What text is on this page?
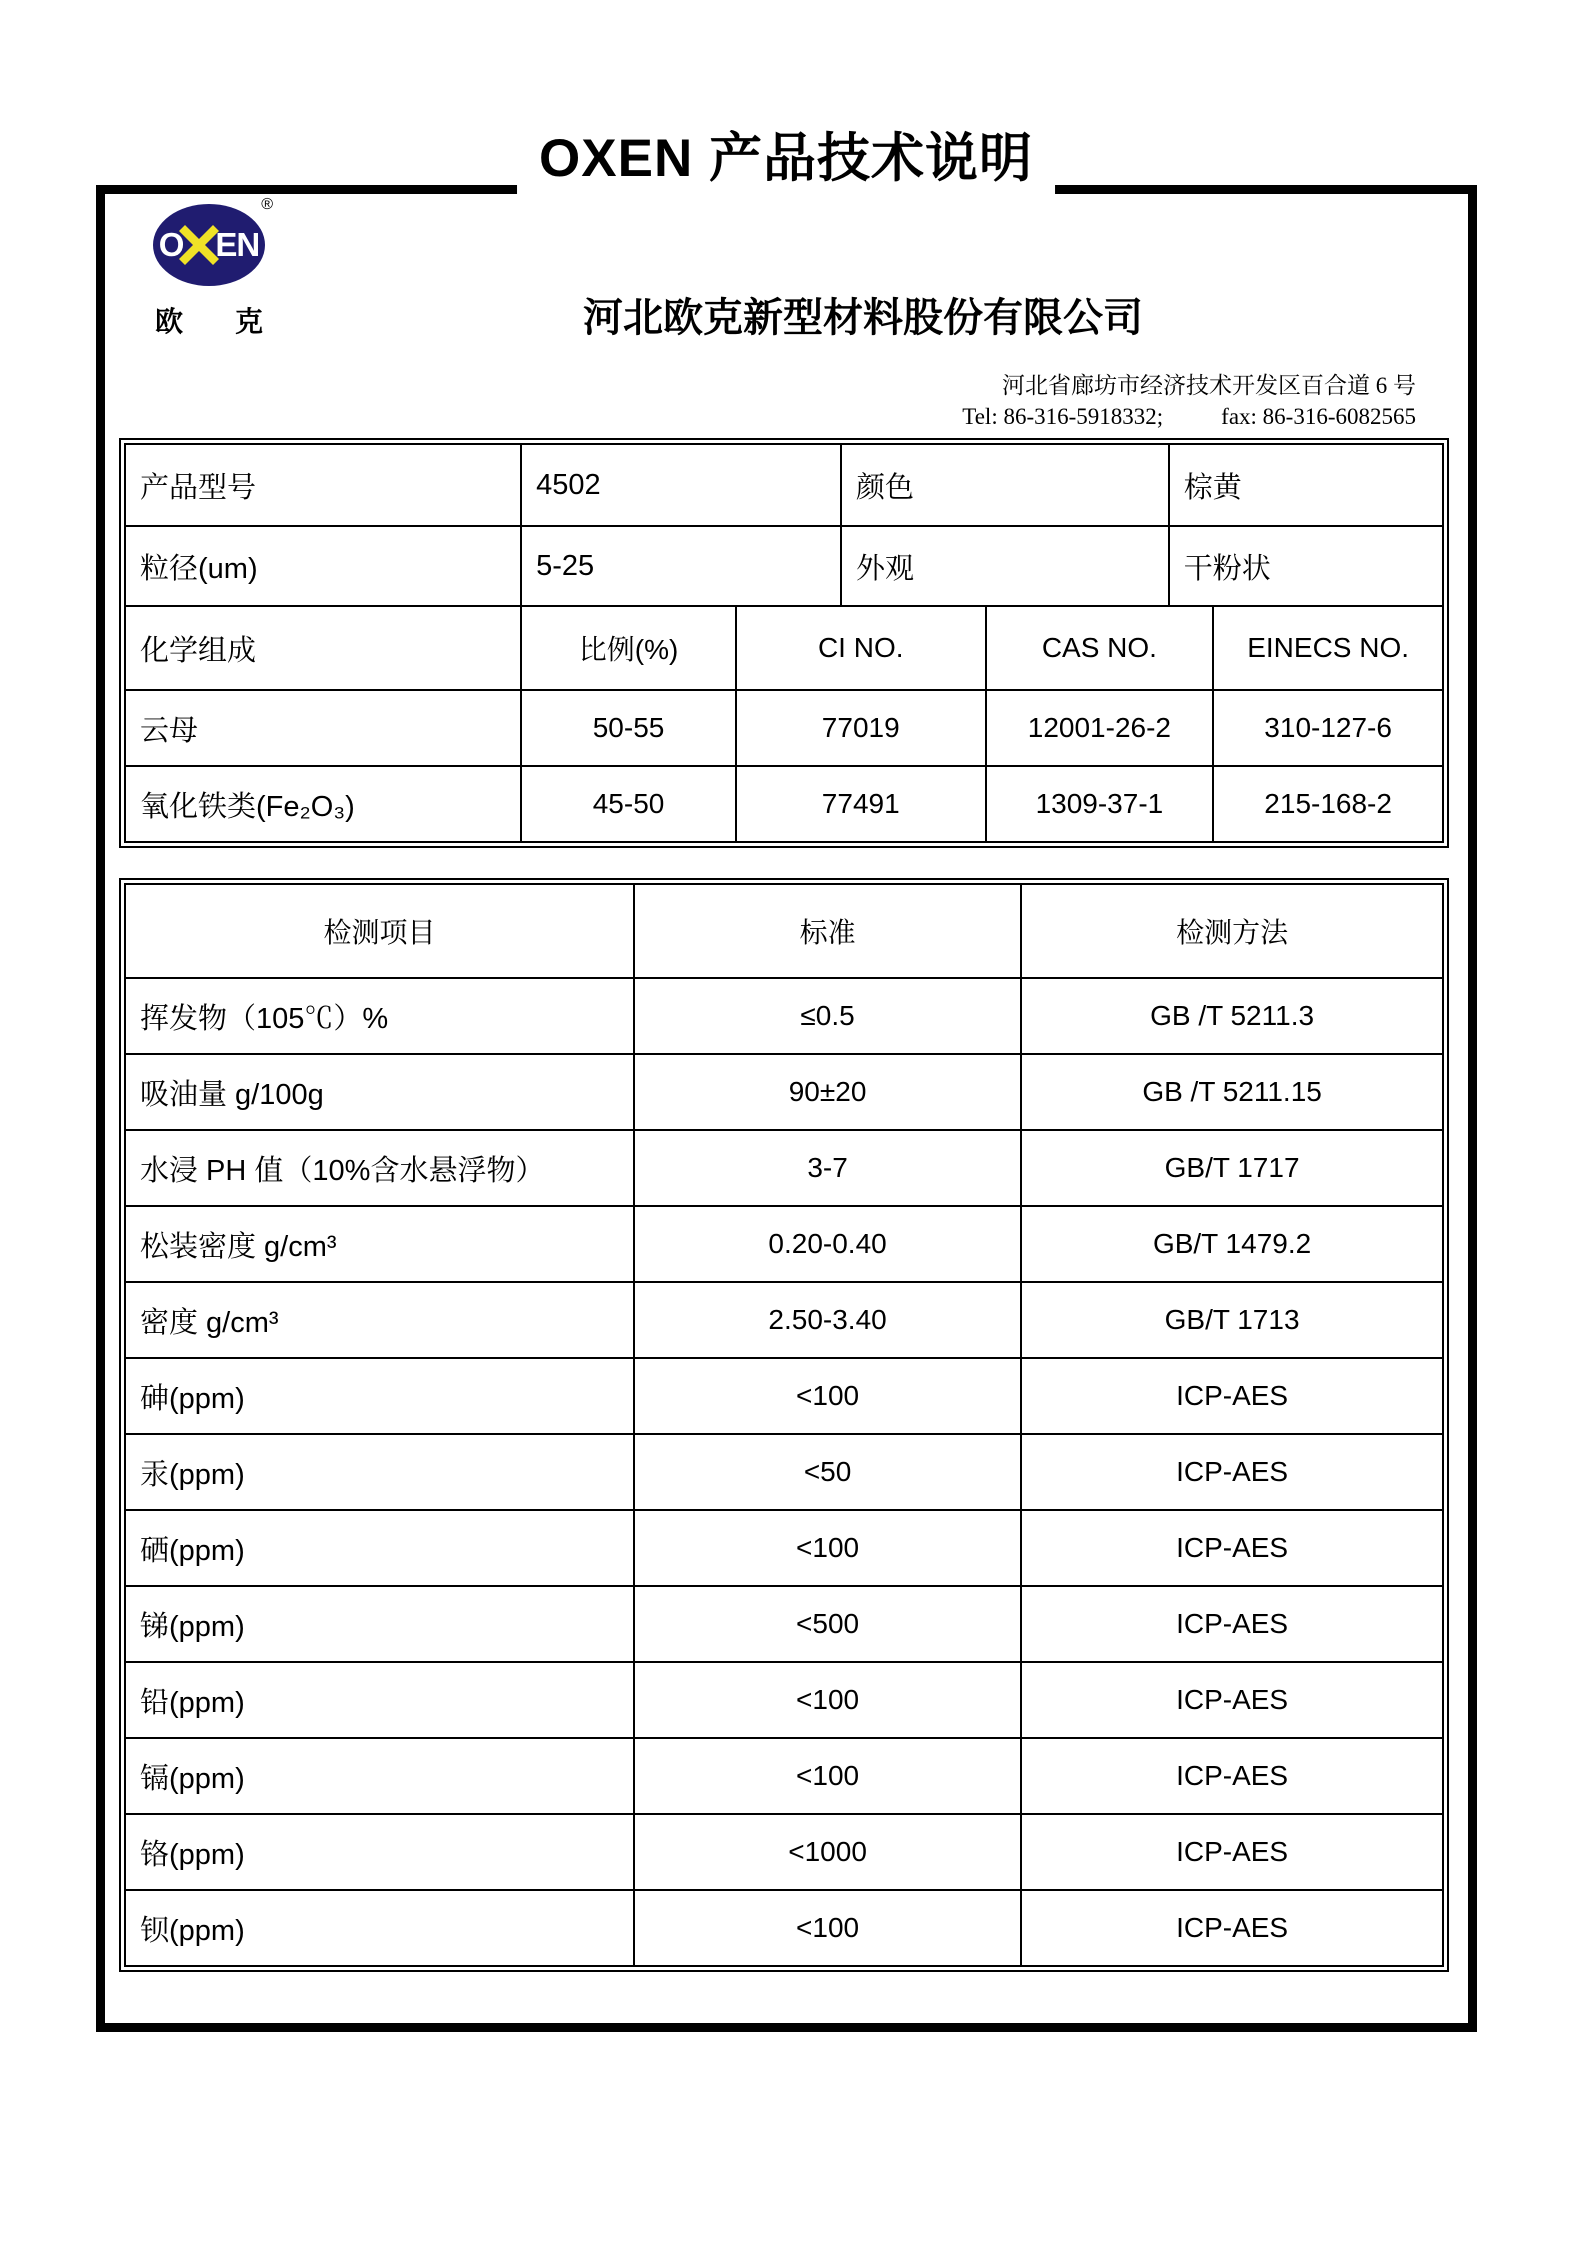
OXEN 产品技术说明
O EN
®
欧 克	河北欧克新型材料股份有限公司
河北省廊坊市经济技术开发区百合道 6 号
Tel: 86-316-5918332;	fax: 86-316-6082565
产品型号	4502	颜色	棕黄
粒径(um)	5-25	外观	干粉状
化学组成	比例(%)	CI NO.	CAS NO.	EINECS NO.
云母	50-55	77019	12001-26-2	310-127-6
氧化铁类(Fe₂O₃)	45-50	77491	1309-37-1	215-168-2
检测项目	标准	检测方法
挥发物（105℃）%	≤0.5	GB /T 5211.3
吸油量 g/100g	90±20	GB /T 5211.15
水浸 PH 值（10%含水悬浮物）	3-7	GB/T 1717
松装密度 g/cm³	0.20-0.40	GB/T 1479.2
密度 g/cm³	2.50-3.40	GB/T 1713
砷(ppm)	<100	ICP-AES
汞(ppm)	<50	ICP-AES
硒(ppm)	<100	ICP-AES
锑(ppm)	<500	ICP-AES
铅(ppm)	<100	ICP-AES
镉(ppm)	<100	ICP-AES
铬(ppm)	<1000	ICP-AES
钡(ppm)	<100	ICP-AES
